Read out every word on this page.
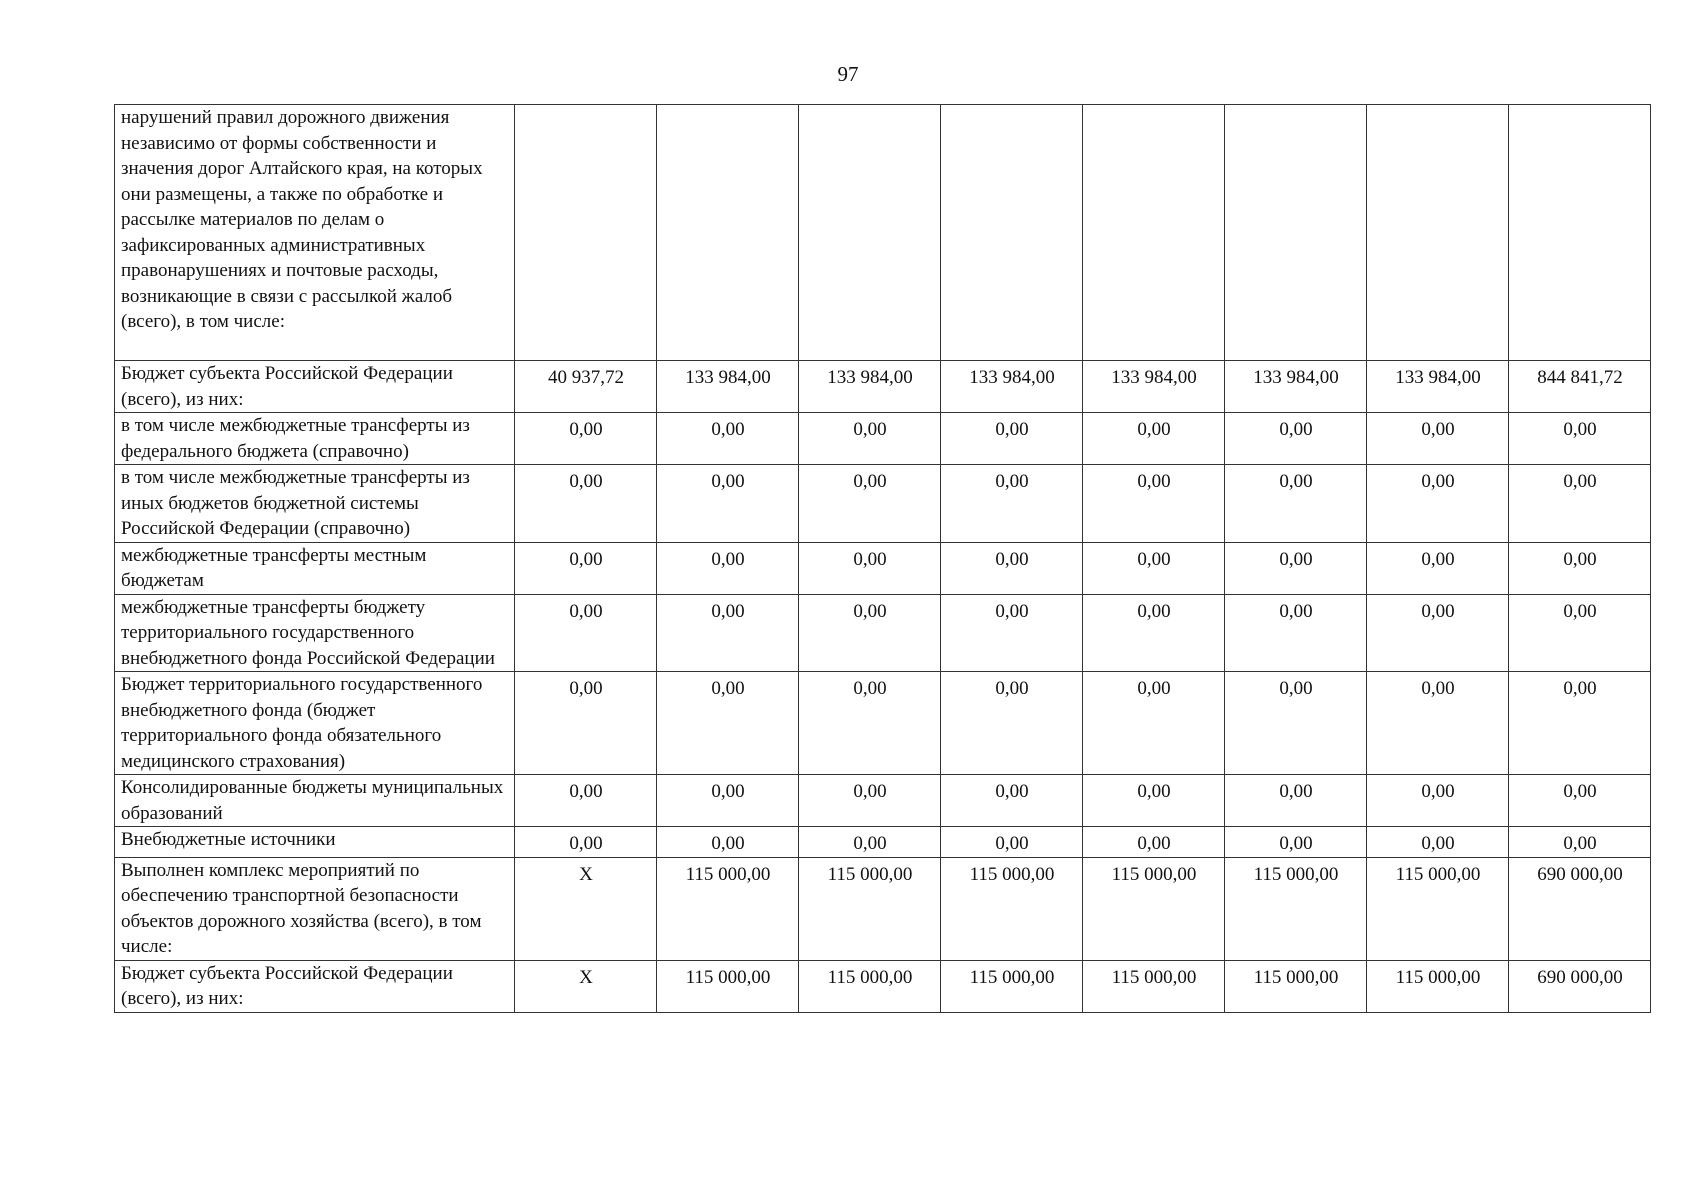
97
нарушений правил дорожного движения независимо от формы собственности и значения дорог Алтайского края, на которых они размещены, а также по обработке и рассылке материалов по делам о зафиксированных административных правонарушениях и почтовые расходы, возникающие в связи с рассылкой жалоб (всего), в том числе:								
Бюджет субъекта Российской Федерации (всего), из них:	40 937,72	133 984,00	133 984,00	133 984,00	133 984,00	133 984,00	133 984,00	844 841,72
в том числе межбюджетные трансферты из федерального бюджета (справочно)	0,00	0,00	0,00	0,00	0,00	0,00	0,00	0,00
в том числе межбюджетные трансферты из иных бюджетов бюджетной системы Российской Федерации (справочно)	0,00	0,00	0,00	0,00	0,00	0,00	0,00	0,00
межбюджетные трансферты местным бюджетам	0,00	0,00	0,00	0,00	0,00	0,00	0,00	0,00
межбюджетные трансферты бюджету территориального государственного внебюджетного фонда Российской Федерации	0,00	0,00	0,00	0,00	0,00	0,00	0,00	0,00
Бюджет территориального государственного внебюджетного фонда (бюджет территориального фонда обязательного медицинского страхования)	0,00	0,00	0,00	0,00	0,00	0,00	0,00	0,00
Консолидированные бюджеты муниципальных образований	0,00	0,00	0,00	0,00	0,00	0,00	0,00	0,00
Внебюджетные источники	0,00	0,00	0,00	0,00	0,00	0,00	0,00	0,00
Выполнен комплекс мероприятий по обеспечению транспортной безопасности объектов дорожного хозяйства (всего), в том числе:	X	115 000,00	115 000,00	115 000,00	115 000,00	115 000,00	115 000,00	690 000,00
Бюджет субъекта Российской Федерации (всего), из них:	X	115 000,00	115 000,00	115 000,00	115 000,00	115 000,00	115 000,00	690 000,00
